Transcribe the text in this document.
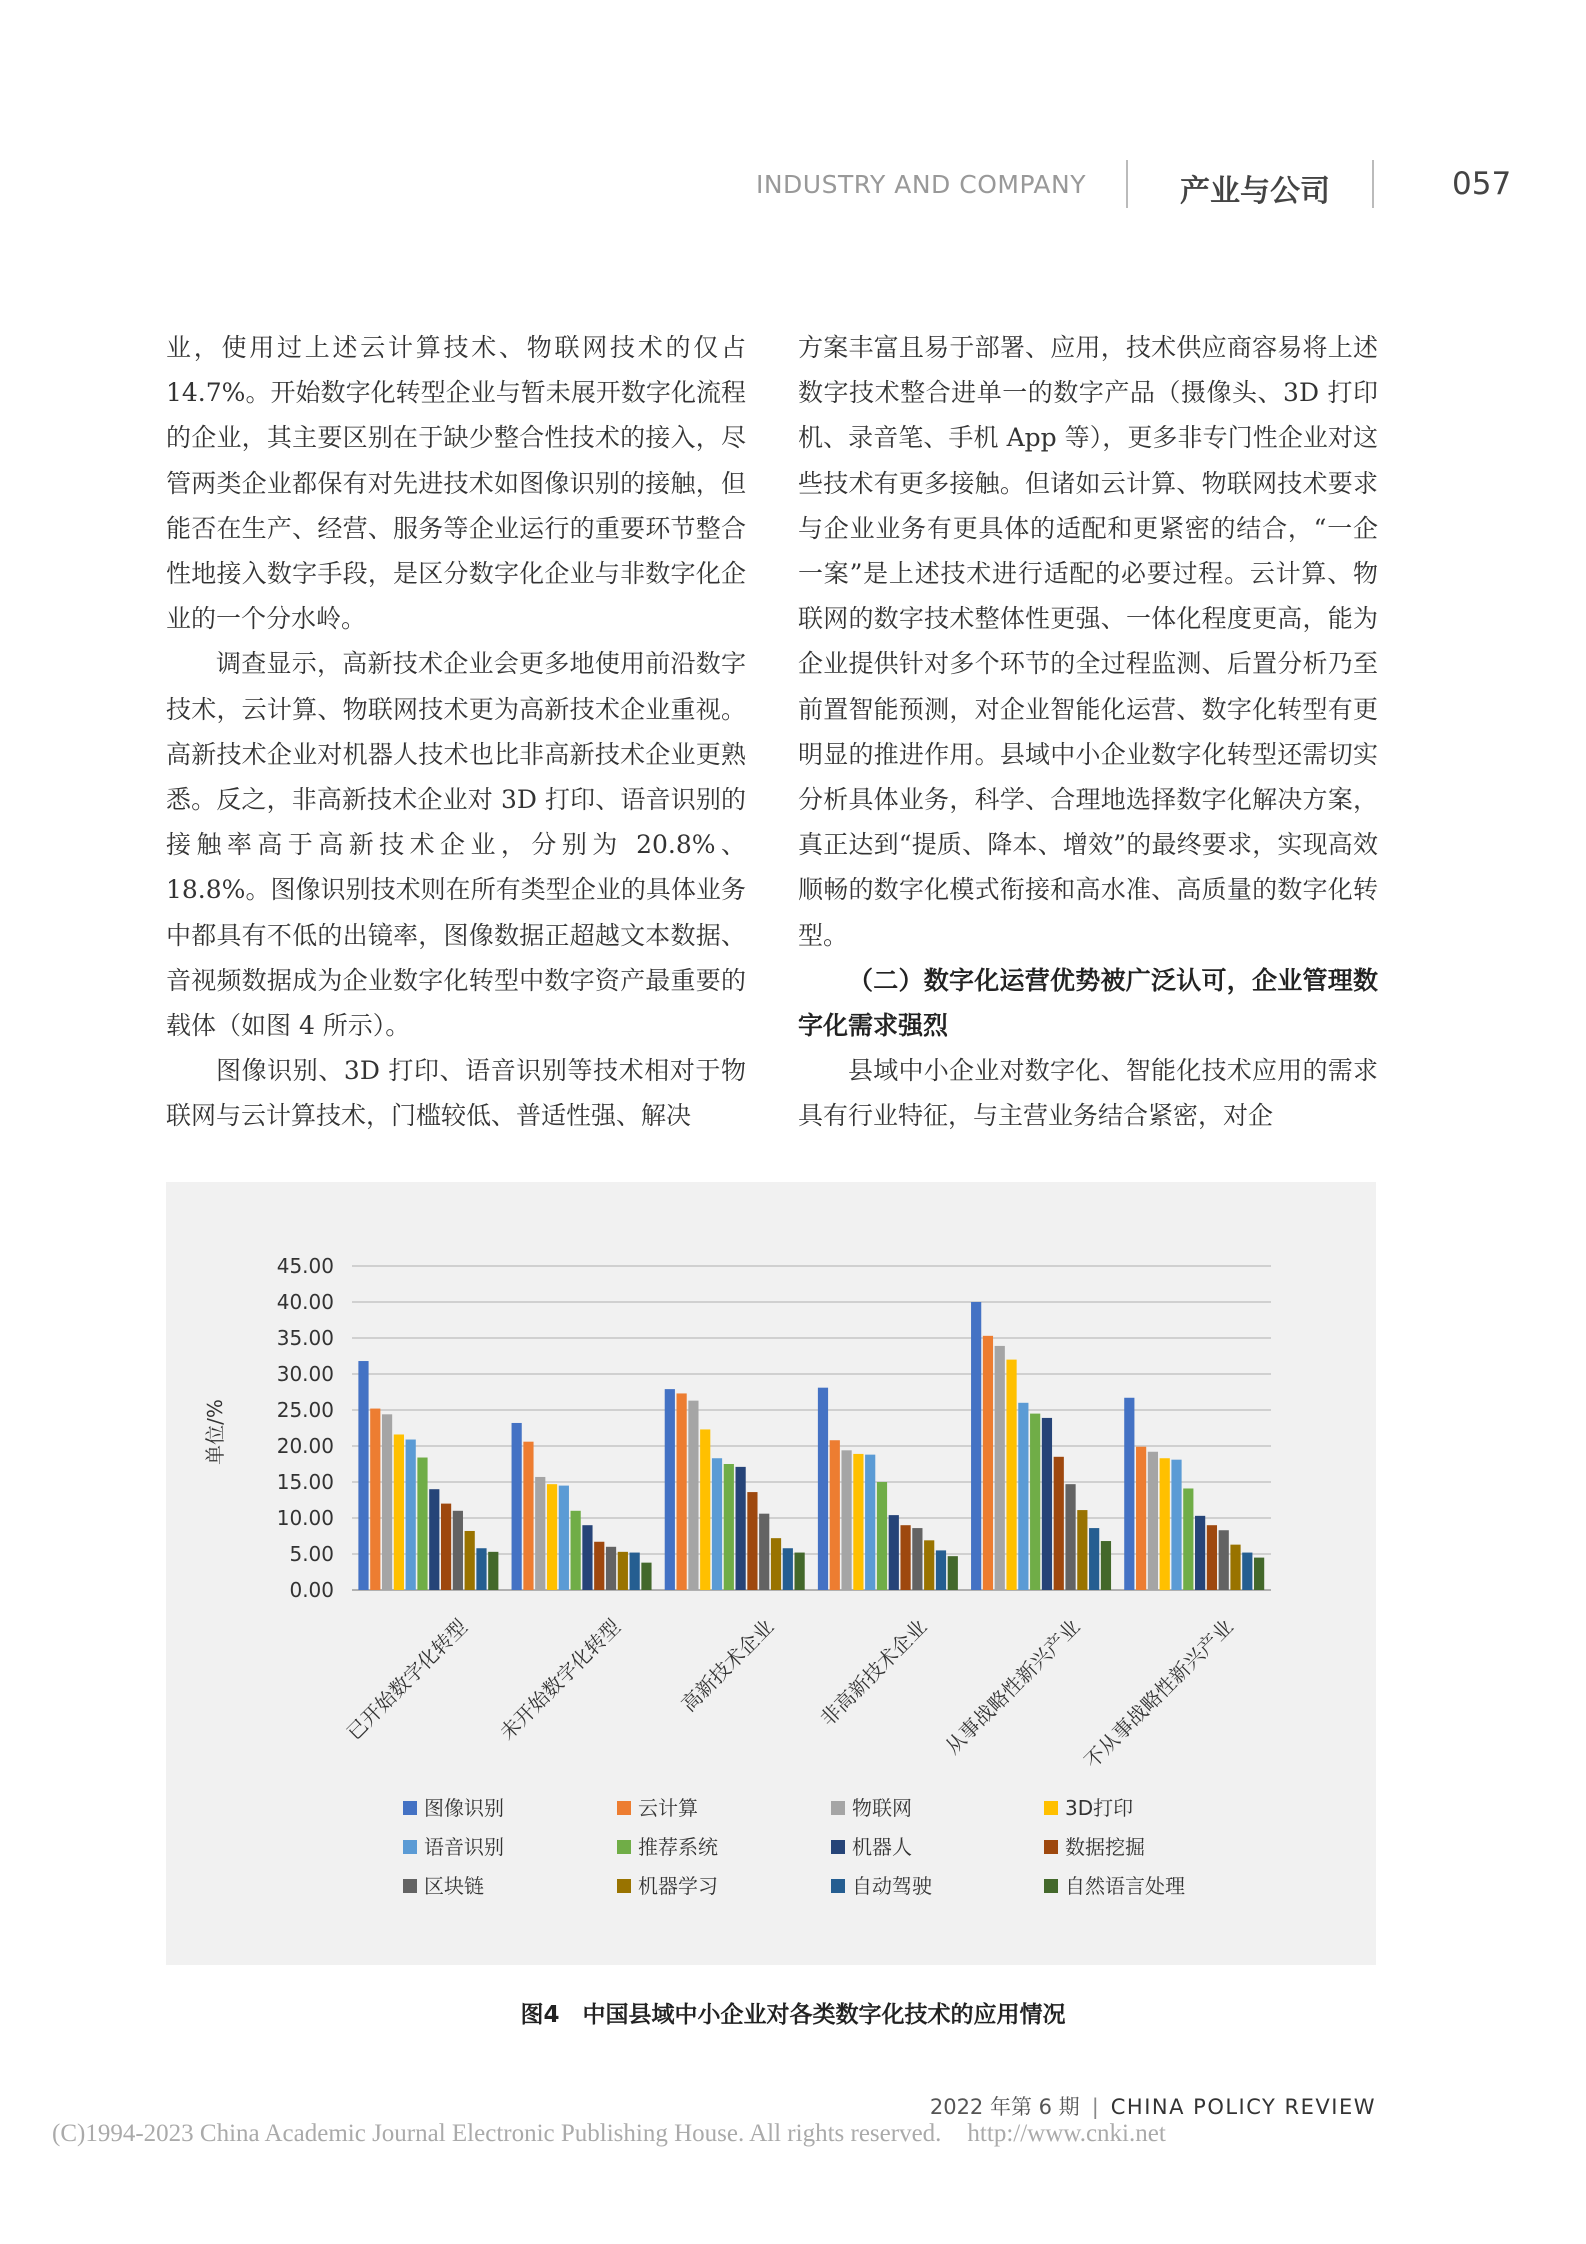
INDUSTRY AND COMPANY	产业与公司	057

业，使用过上述云计算技术、物联网技术的仅占14.7%。开始数字化转型企业与暂未展开数字化流程的企业，其主要区别在于缺少整合性技术的接入，尽管两类企业都保有对先进技术如图像识别的接触，但能否在生产、经营、服务等企业运行的重要环节整合性地接入数字手段，是区分数字化企业与非数字化企业的一个分水岭。

调查显示，高新技术企业会更多地使用前沿数字技术，云计算、物联网技术更为高新技术企业重视。高新技术企业对机器人技术也比非高新技术企业更熟悉。反之，非高新技术企业对 3D 打印、语音识别的接触率高于高新技术企业，分别为 20.8%、18.8%。图像识别技术则在所有类型企业的具体业务中都具有不低的出镜率，图像数据正超越文本数据、音视频数据成为企业数字化转型中数字资产最重要的载体（如图 4 所示）。

图像识别、3D 打印、语音识别等技术相对于物联网与云计算技术，门槛较低、普适性强、解决

方案丰富且易于部署、应用，技术供应商容易将上述数字技术整合进单一的数字产品（摄像头、3D 打印机、录音笔、手机 App 等），更多非专门性企业对这些技术有更多接触。但诸如云计算、物联网技术要求与企业业务有更具体的适配和更紧密的结合，“一企一案”是上述技术进行适配的必要过程。云计算、物联网的数字技术整体性更强、一体化程度更高，能为企业提供针对多个环节的全过程监测、后置分析乃至前置智能预测，对企业智能化运营、数字化转型有更明显的推进作用。县域中小企业数字化转型还需切实分析具体业务，科学、合理地选择数字化解决方案，真正达到“提质、降本、增效”的最终要求，实现高效顺畅的数字化模式衔接和高水准、高质量的数字化转型。

（二）数字化运营优势被广泛认可，企业管理数字化需求强烈

县域中小企业对数字化、智能化技术应用的需求具有行业特征，与主营业务结合紧密，对企

0.00
5.00
10.00
15.00
20.00
25.00
30.00
35.00
40.00
45.00
单位/%
已开始数字化转型 未开始数字化转型	高新技术企业 非高新技术企业 从事战略性新兴产业
不从事战略性新兴产业
图像识别	云计算	物联网	3D打印
语音识别	推荐系统	机器人	数据挖掘
区块链	机器学习	自动驾驶	自然语言处理
图4　中国县域中小企业对各类数字化技术的应用情况
2022 年第 6 期 | CHINA POLICY REVIEW
(C)1994-2023 China Academic Journal Electronic Publishing House. All rights reserved. http://www.cnki.net
